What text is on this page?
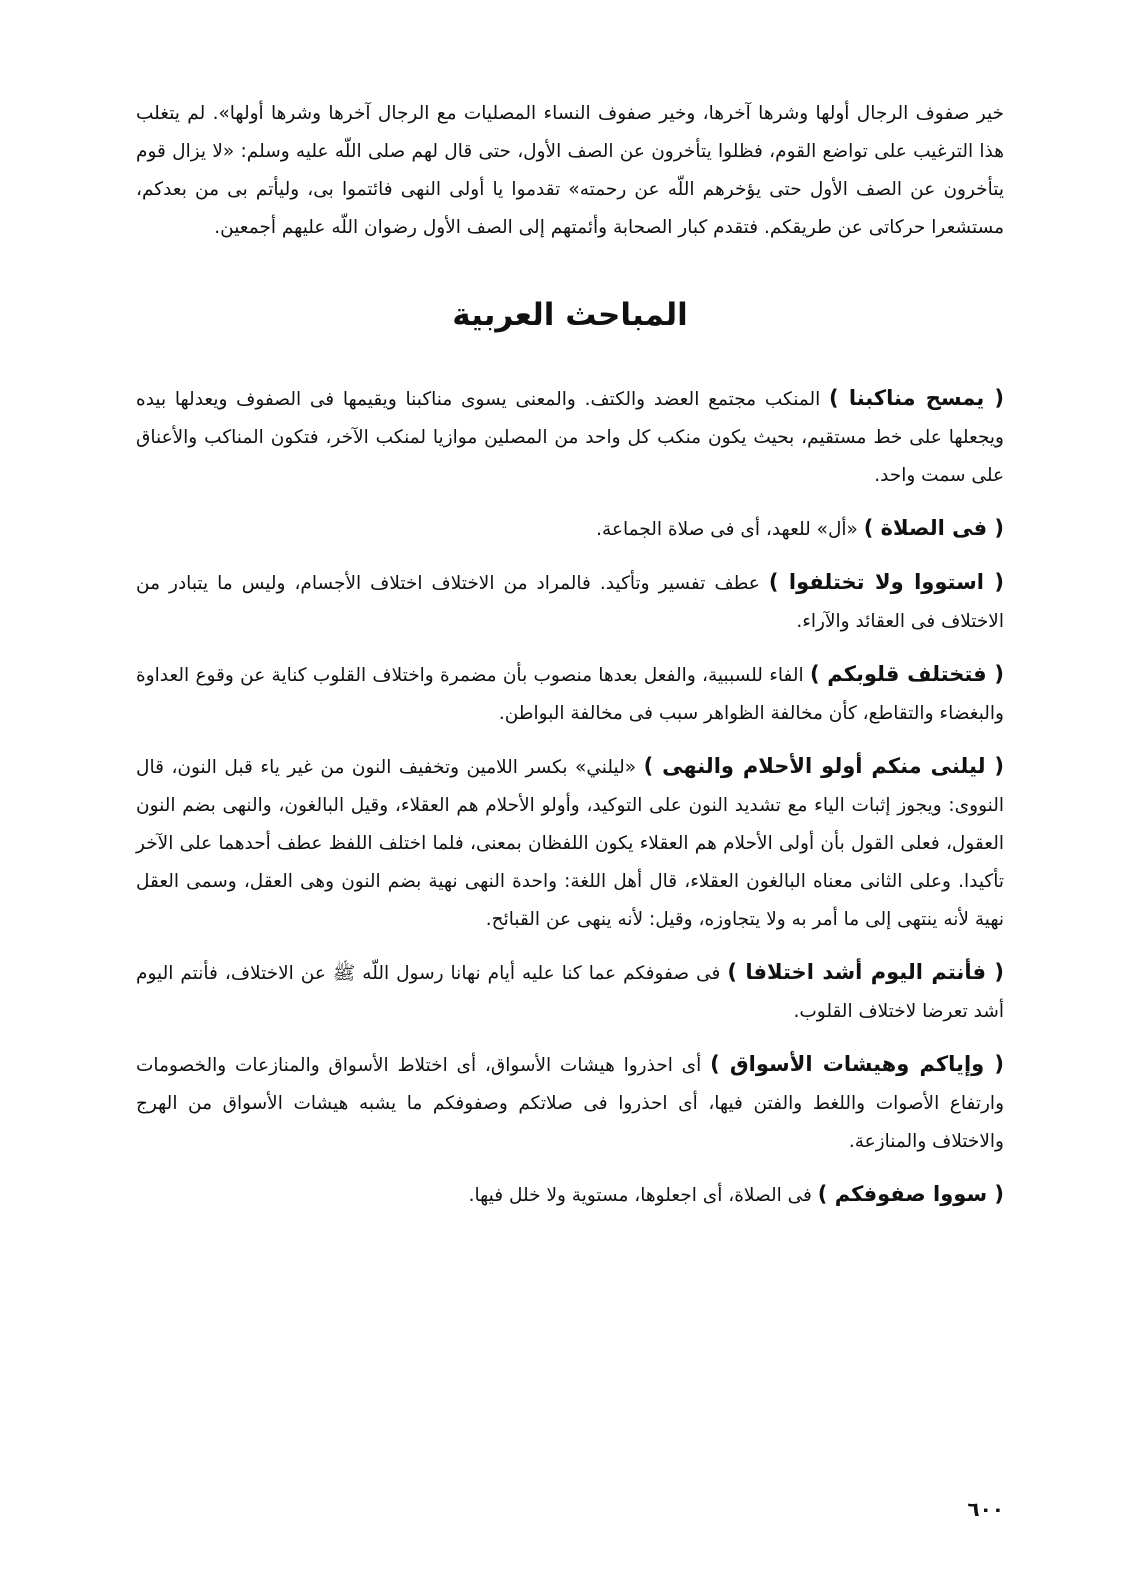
خير صفوف الرجال أولها وشرها آخرها، وخير صفوف النساء المصليات مع الرجال آخرها وشرها أولها». لم يتغلب هذا الترغيب على تواضع القوم، فظلوا يتأخرون عن الصف الأول، حتى قال لهم صلى اللّه عليه وسلم: «لا يزال قوم يتأخرون عن الصف الأول حتى يؤخرهم اللّه عن رحمته» تقدموا يا أولى النهى فائتموا بى، وليأتم بى من بعدكم، مستشعرا حركاتى عن طريقكم. فتقدم كبار الصحابة وأئمتهم إلى الصف الأول رضوان اللّه عليهم أجمعين.

المباحث العربية

( يمسح مناكبنا ) المنكب مجتمع العضد والكتف. والمعنى يسوى مناكبنا ويقيمها فى الصفوف ويعدلها بيده ويجعلها على خط مستقيم، بحيث يكون منكب كل واحد من المصلين موازيا لمنكب الآخر، فتكون المناكب والأعناق على سمت واحد.

( فى الصلاة ) «أل» للعهد، أى فى صلاة الجماعة.

( استووا ولا تختلفوا ) عطف تفسير وتأكيد. فالمراد من الاختلاف اختلاف الأجسام، وليس ما يتبادر من الاختلاف فى العقائد والآراء.

( فتختلف قلوبكم ) الفاء للسببية، والفعل بعدها منصوب بأن مضمرة واختلاف القلوب كناية عن وقوع العداوة والبغضاء والتقاطع، كأن مخالفة الظواهر سبب فى مخالفة البواطن.

( ليلنى منكم أولو الأحلام والنهى ) «ليلني» بكسر اللامين وتخفيف النون من غير ياء قبل النون، قال النووى: ويجوز إثبات الياء مع تشديد النون على التوكيد، وأولو الأحلام هم العقلاء، وقيل البالغون، والنهى بضم النون العقول، فعلى القول بأن أولى الأحلام هم العقلاء يكون اللفظان بمعنى، فلما اختلف اللفظ عطف أحدهما على الآخر تأكيدا. وعلى الثانى معناه البالغون العقلاء، قال أهل اللغة: واحدة النهى نهية بضم النون وهى العقل، وسمى العقل نهية لأنه ينتهى إلى ما أمر به ولا يتجاوزه، وقيل: لأنه ينهى عن القبائح.

( فأنتم اليوم أشد اختلافا ) فى صفوفكم عما كنا عليه أيام نهانا رسول اللّه ﷺ عن الاختلاف، فأنتم اليوم أشد تعرضا لاختلاف القلوب.

( وإياكم وهيشات الأسواق ) أى احذروا هيشات الأسواق، أى اختلاط الأسواق والمنازعات والخصومات وارتفاع الأصوات واللغط والفتن فيها، أى احذروا فى صلاتكم وصفوفكم ما يشبه هيشات الأسواق من الهرج والاختلاف والمنازعة.

( سووا صفوفكم ) فى الصلاة، أى اجعلوها، مستوية ولا خلل فيها.

٦٠٠
